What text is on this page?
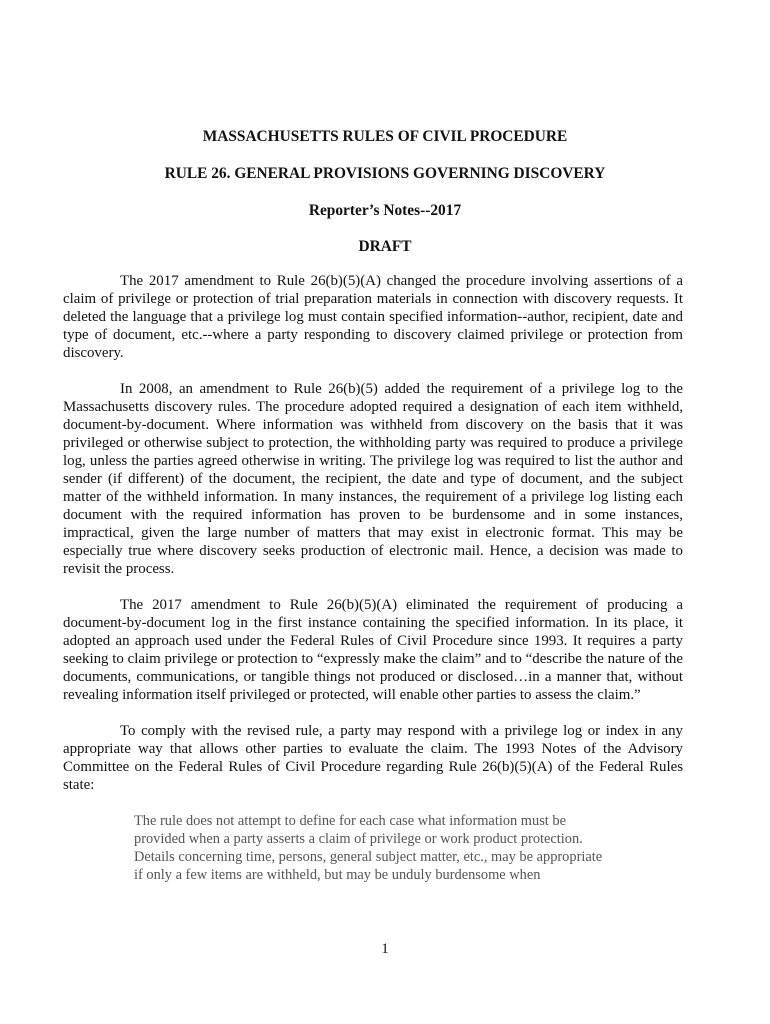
MASSACHUSETTS RULES OF CIVIL PROCEDURE
RULE 26. GENERAL PROVISIONS GOVERNING DISCOVERY
Reporter’s Notes--2017
DRAFT

The 2017 amendment to Rule 26(b)(5)(A) changed the procedure involving assertions of a claim of privilege or protection of trial preparation materials in connection with discovery requests. It deleted the language that a privilege log must contain specified information--author, recipient, date and type of document, etc.--where a party responding to discovery claimed privilege or protection from discovery.

In 2008, an amendment to Rule 26(b)(5) added the requirement of a privilege log to the Massachusetts discovery rules. The procedure adopted required a designation of each item withheld, document-by-document. Where information was withheld from discovery on the basis that it was privileged or otherwise subject to protection, the withholding party was required to produce a privilege log, unless the parties agreed otherwise in writing. The privilege log was required to list the author and sender (if different) of the document, the recipient, the date and type of document, and the subject matter of the withheld information. In many instances, the requirement of a privilege log listing each document with the required information has proven to be burdensome and in some instances, impractical, given the large number of matters that may exist in electronic format. This may be especially true where discovery seeks production of electronic mail. Hence, a decision was made to revisit the process.

The 2017 amendment to Rule 26(b)(5)(A) eliminated the requirement of producing a document-by-document log in the first instance containing the specified information. In its place, it adopted an approach used under the Federal Rules of Civil Procedure since 1993. It requires a party seeking to claim privilege or protection to “expressly make the claim” and to “describe the nature of the documents, communications, or tangible things not produced or disclosed…in a manner that, without revealing information itself privileged or protected, will enable other parties to assess the claim.”

To comply with the revised rule, a party may respond with a privilege log or index in any appropriate way that allows other parties to evaluate the claim. The 1993 Notes of the Advisory Committee on the Federal Rules of Civil Procedure regarding Rule 26(b)(5)(A) of the Federal Rules state:

The rule does not attempt to define for each case what information must be provided when a party asserts a claim of privilege or work product protection. Details concerning time, persons, general subject matter, etc., may be appropriate if only a few items are withheld, but may be unduly burdensome when

1
